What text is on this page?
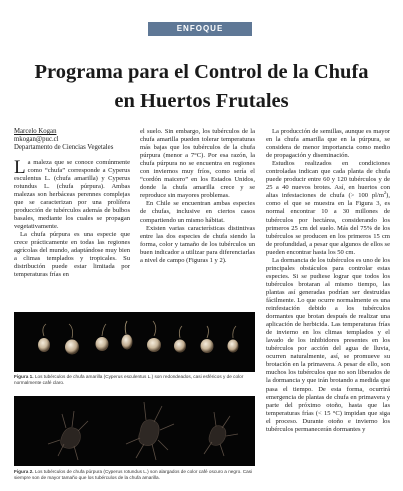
ENFOQUE
Programa para el Control de la Chufa
en Huertos Frutales
Marcelo Kogan
mkogan@puc.cl
Departamento de Ciencias Vegetales

La maleza que se conoce comúnmente como “chufa” corresponde a Cyperus esculentus L. (chufa amarilla) y Cyperus rotundus L. (chufa púrpura). Ambas malezas son herbáceas perennes complejas que se caracterizan por una prolífera producción de tubérculos además de bulbos basales, mediante los cuales se propagan vegetativamente.

La chufa púrpura es una especie que crece prácticamente en todas las regiones agrícolas del mundo, adaptándose muy bien a climas templados y tropicales. Su distribución puede estar limitada por temperaturas frías en

el suelo. Sin embargo, los tubérculos de la chufa amarilla pueden tolerar temperaturas más bajas que los tubérculos de la chufa púrpura (menor a 7°C). Por esa razón, la chufa púrpura no se encuentra en regiones con inviernos muy fríos, como sería el “cordón maicero” en los Estados Unidos, donde la chufa amarilla crece y se reproduce sin mayores problemas.

En Chile se encuentran ambas especies de chufas, inclusive en ciertos casos compartiendo un mismo hábitat.

Existen varias características distintivas entre las dos especies de chufa siendo la forma, color y tamaño de los tubérculos un buen indicador a utilizar para diferenciarlas a nivel de campo (Figuras 1 y 2).

La producción de semillas, aunque es mayor en la chufa amarilla que en la púrpura, se considera de menor importancia como medio de propagación y diseminación.

Estudios realizados en condiciones controladas indican que cada planta de chufa puede producir entre 60 y 120 tubérculos y de 25 a 40 nuevos brotes. Así, en huertos con altas infestaciones de chufa (> 100 $pl/m^2$), como el que se muestra en la Figura 3, es normal encontrar 10 a 30 millones de tubérculos por hectárea, considerando los primeros 25 cm del suelo. Más del 75% de los tubérculos se producen en los primeros 15 cm de profundidad, a pesar que algunos de ellos se pueden encontrar hasta los 50 cm.

La dormancia de los tubérculos es uno de los principales obstáculos para controlar estas especies. Si se pudiese lograr que todos los tubérculos brotaran al mismo tiempo, las plantas así generadas podrían ser destruidas fácilmente. Lo que ocurre normalmente es una reinfestación debido a los tubérculos dormantes que brotan después de realizar una aplicación de herbicida. Las temperaturas frías de invierno en los climas templados y el lavado de los inhibidores presentes en los tubérculos por acción del agua de lluvia, ocurren naturalmente, así, se promueve su brotación en la primavera. A pesar de ello, son muchos los tubérculos que no son liberados de la dormancia y que irán brotando a medida que pasa el tiempo. De esta forma, ocurrirá emergencia de plantas de chufa en primavera y parte del próximo otoño, hasta que las temperaturas frías (< 15 °C) impidan que siga el proceso. Durante otoño e invierno los tubérculos permanecerán dormantes y

Figura 1. Los tubérculos de chufa amarilla (Cyperus esculentus L.) son redondeados, casi esféricos y de color normalmente café claro.
Figura 2. Los tubérculos de chufa púrpura (Cyperus rotundus L.) son alargados de color café oscuro a negro. Casi siempre son de mayor tamaño que los tubérculos de la chufa amarilla.
